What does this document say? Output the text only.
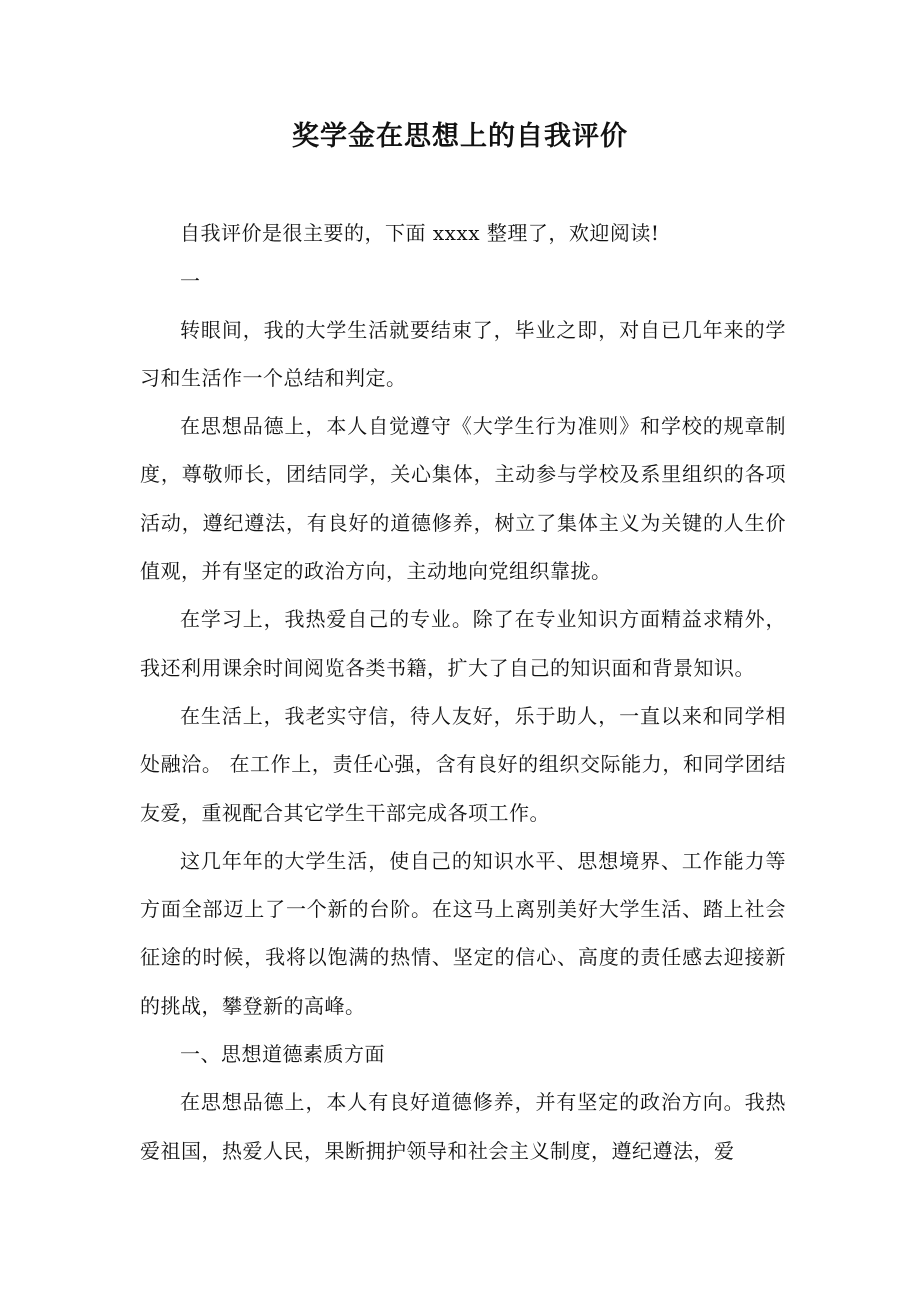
奖学金在思想上的自我评价

自我评价是很主要的，下面 xxxx 整理了，欢迎阅读!

一

转眼间，我的大学生活就要结束了，毕业之即，对自已几年来的学习和生活作一个总结和判定。

在思想品德上，本人自觉遵守《大学生行为准则》和学校的规章制度，尊敬师长，团结同学，关心集体，主动参与学校及系里组织的各项活动，遵纪遵法，有良好的道德修养，树立了集体主义为关键的人生价值观，并有坚定的政治方向，主动地向党组织靠拢。

在学习上，我热爱自己的专业。除了在专业知识方面精益求精外，我还利用课余时间阅览各类书籍，扩大了自己的知识面和背景知识。

在生活上，我老实守信，待人友好，乐于助人，一直以来和同学相处融洽。 在工作上，责任心强，含有良好的组织交际能力，和同学团结友爱，重视配合其它学生干部完成各项工作。

这几年年的大学生活，使自己的知识水平、思想境界、工作能力等方面全部迈上了一个新的台阶。在这马上离别美好大学生活、踏上社会征途的时候，我将以饱满的热情、坚定的信心、高度的责任感去迎接新的挑战，攀登新的高峰。

一、思想道德素质方面

在思想品德上，本人有良好道德修养，并有坚定的政治方向。我热爱祖国，热爱人民，果断拥护领导和社会主义制度，遵纪遵法，爱
